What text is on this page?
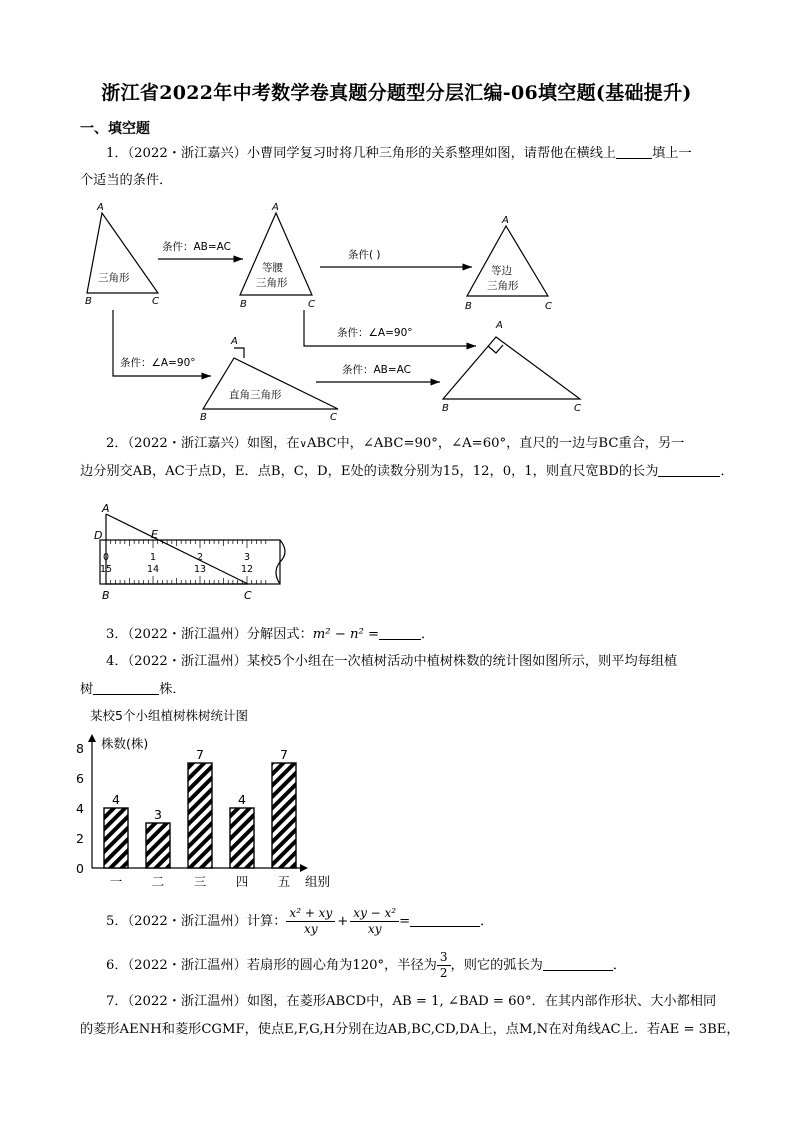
浙江省2022年中考数学卷真题分题型分层汇编-06填空题(基础提升)
一、填空题
1．（2022・浙江嘉兴）小曹同学复习时将几种三角形的关系整理如图，请帮他在横线上	填上一
个适当的条件．
A
B	C
A
B	C
A
B	C
A
B	C
A
B	C
三角形
等腰
三角形
等边
三角形
直角三角形
条件：AB=AC
条件( )
条件：∠A=90°
条件：∠A=90°
条件：AB=AC
2．（2022・浙江嘉兴）如图，在∨ABC中，∠ABC=90°，∠A=60°，直尺的一边与BC重合，另一
边分别交AB，AC于点D，E．点B，C，D，E处的读数分别为15，12，0，1，则直尺宽BD的长为	．
A
D	E
B	C
0	1	2	3
15	14	13	12
3．（2022・浙江温州）分解因式：m² − n² =	．
4．（2022・浙江温州）某校5个小组在一次植树活动中植树株数的统计图如图所示，则平均每组植
树	株．
某校5个小组植树株树统计图
株数(株)
组别
0
2
4
6
8
4
一
3
二
7
三
4
四
7
五
5．（2022・浙江温州）计算： $\frac{\text{x² + xy}}{xy} + \frac{\text{xy − x²}}{xy}$ =	．
6．（2022・浙江温州）若扇形的圆心角为120°，半径为 $\frac{3}{2}$ ，则它的弧长为	．
7．（2022・浙江温州）如图，在菱形ABCD中，AB = 1, ∠BAD = 60°．在其内部作形状、大小都相同
的菱形AENH和菱形CGMF，使点E,F,G,H分别在边AB,BC,CD,DA上，点M,N在对角线AC上．若AE = 3BE，
